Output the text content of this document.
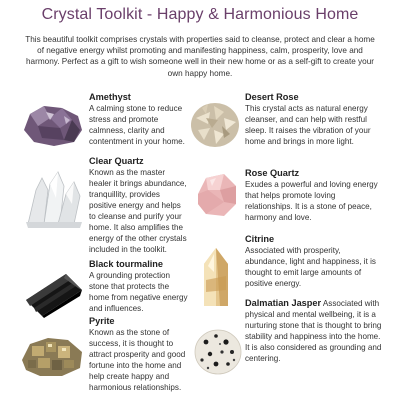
Crystal Toolkit - Happy & Harmonious Home
This beautiful toolkit comprises crystals with properties said to cleanse, protect and clear a home of negative energy whilst promoting and manifesting happiness, calm, prosperity, love and harmony. Perfect as a gift to wish someone well in their new home or as a self-gift to create your own happy home.
Amethyst
A calming stone to reduce stress and promote calmness, clarity and contentment in your home.
Clear Quartz
Known as the master healer it brings abundance, tranquillity, provides positive energy and helps to cleanse and purify your home. It also amplifies the energy of the other crystals included in the toolkit.
Black tourmaline
A grounding protection stone that protects the home from negative energy and influences.
Pyrite
Known as the stone of success, it is thought to attract prosperity and good fortune into the home and help create happy and harmonious relationships.
Desert Rose
This crystal acts as natural energy cleanser, and can help with restful sleep. It raises the vibration of your home and brings in more light.
Rose Quartz
Exudes a powerful and loving energy that helps promote loving relationships. It is a stone of peace, harmony and love.
Citrine
Associated with prosperity, abundance, light and happiness, it is thought to emit large amounts of positive energy.
Dalmatian Jasper Associated with physical and mental wellbeing, it is a nurturing stone that is thought to bring stability and happiness into the home. It is also considered as grounding and centering.
